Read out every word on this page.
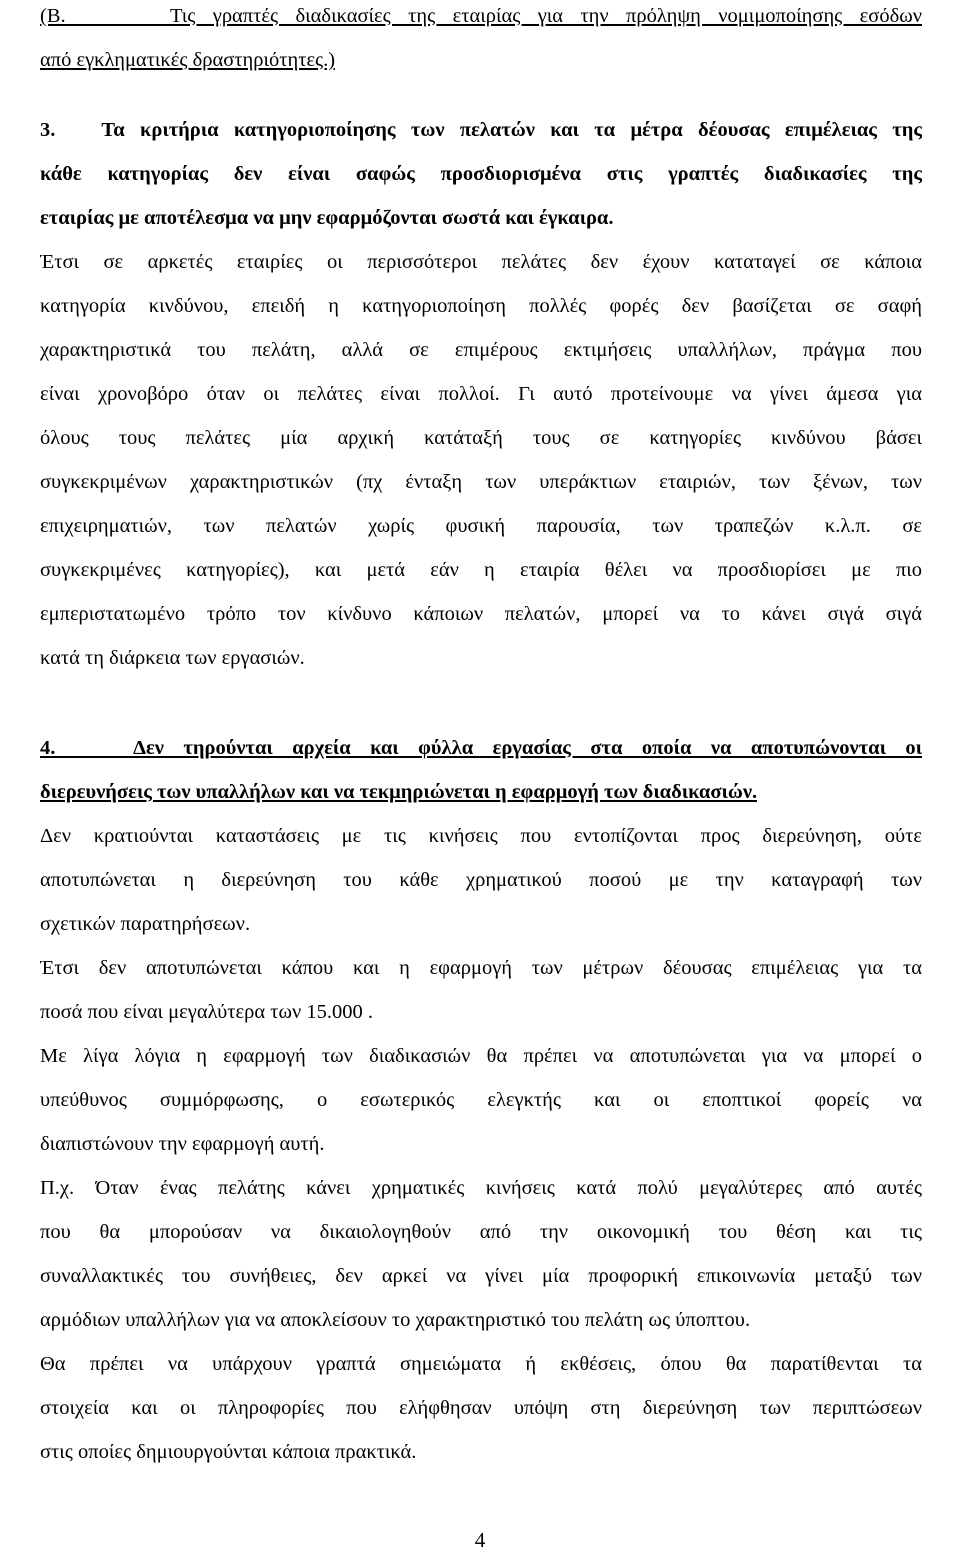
(B.      Τις γραπτές διαδικασίες της εταιρίας για την πρόληψη νομιμοποίησης εσόδων
από εγκληματικές δραστηριότητες.)
3.   Τα κριτήρια κατηγοριοποίησης των πελατών και τα μέτρα δέουσας επιμέλειας της
κάθε κατηγορίας δεν είναι σαφώς προσδιορισμένα στις γραπτές διαδικασίες της
εταιρίας με αποτέλεσμα να μην εφαρμόζονται σωστά και έγκαιρα.
Έτσι σε αρκετές εταιρίες οι περισσότεροι πελάτες δεν έχουν καταταγεί σε κάποια
κατηγορία κινδύνου, επειδή η κατηγοριοποίηση πολλές φορές δεν βασίζεται σε σαφή
χαρακτηριστικά του πελάτη, αλλά σε επιμέρους εκτιμήσεις υπαλλήλων, πράγμα που
είναι χρονοβόρο όταν οι πελάτες είναι πολλοί. Γι αυτό προτείνουμε να γίνει άμεσα για
όλους τους πελάτες μία αρχική κατάταξή τους σε κατηγορίες κινδύνου βάσει
συγκεκριμένων χαρακτηριστικών (πχ ένταξη των υπεράκτιων εταιριών, των ξένων, των
επιχειρηματιών, των πελατών χωρίς φυσική παρουσία, των τραπεζών κ.λ.π. σε
συγκεκριμένες κατηγορίες), και μετά εάν η εταιρία θέλει να προσδιορίσει με πιο
εμπεριστατωμένο τρόπο τον κίνδυνο κάποιων πελατών, μπορεί να το κάνει σιγά σιγά
κατά τη διάρκεια των εργασιών.
4.    Δεν τηρούνται αρχεία και φύλλα εργασίας στα οποία να αποτυπώνονται οι
διερευνήσεις των υπαλλήλων και να τεκμηριώνεται η εφαρμογή των διαδικασιών.
Δεν κρατιούνται καταστάσεις με τις κινήσεις που εντοπίζονται προς διερεύνηση, ούτε
αποτυπώνεται η διερεύνηση του κάθε χρηματικού ποσού με την καταγραφή των
σχετικών παρατηρήσεων.
Έτσι δεν αποτυπώνεται κάπου και η εφαρμογή των μέτρων δέουσας επιμέλειας για τα
ποσά που είναι μεγαλύτερα των 15.000 .
Με λίγα λόγια η εφαρμογή των διαδικασιών θα πρέπει να αποτυπώνεται για να μπορεί ο
υπεύθυνος συμμόρφωσης, ο εσωτερικός ελεγκτής και οι εποπτικοί φορείς να
διαπιστώνουν την εφαρμογή αυτή.
Π.χ. Όταν ένας πελάτης κάνει χρηματικές κινήσεις κατά πολύ μεγαλύτερες από αυτές
που θα μπορούσαν να δικαιολογηθούν από την οικονομική του θέση και τις
συναλλακτικές του συνήθειες, δεν αρκεί να γίνει μία προφορική επικοινωνία μεταξύ των
αρμόδιων υπαλλήλων για να αποκλείσουν το χαρακτηριστικό του πελάτη ως ύποπτου.
Θα πρέπει να υπάρχουν γραπτά σημειώματα ή εκθέσεις, όπου θα παρατίθενται τα
στοιχεία και οι πληροφορίες που ελήφθησαν υπόψη στη διερεύνηση των περιπτώσεων
στις οποίες δημιουργούνται κάποια πρακτικά.
4
